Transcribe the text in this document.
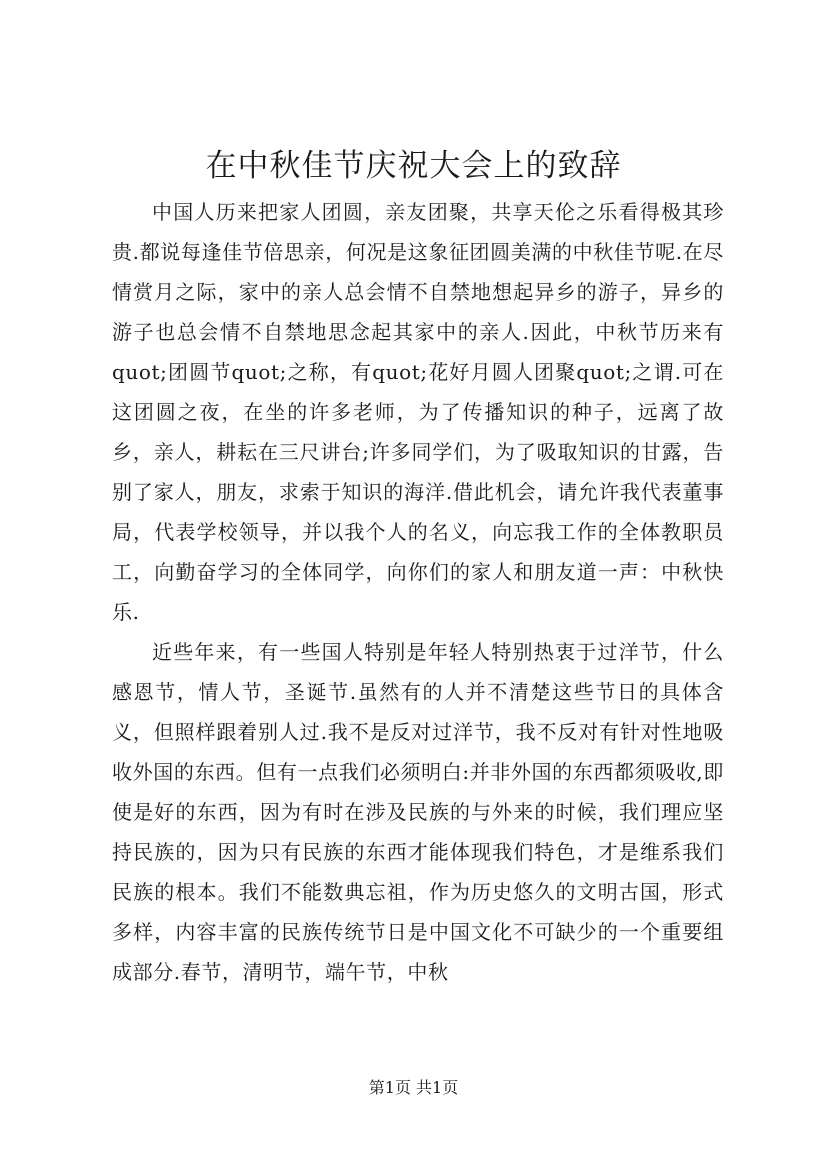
在中秋佳节庆祝大会上的致辞

中国人历来把家人团圆，亲友团聚，共享天伦之乐看得极其珍贵.都说每逢佳节倍思亲，何况是这象征团圆美满的中秋佳节呢.在尽情赏月之际，家中的亲人总会情不自禁地想起异乡的游子，异乡的游子也总会情不自禁地思念起其家中的亲人.因此，中秋节历来有quot;团圆节quot;之称，有quot;花好月圆人团聚quot;之谓.可在这团圆之夜，在坐的许多老师，为了传播知识的种子，远离了故乡，亲人，耕耘在三尺讲台;许多同学们，为了吸取知识的甘露，告别了家人，朋友，求索于知识的海洋.借此机会，请允许我代表董事局，代表学校领导，并以我个人的名义，向忘我工作的全体教职员工，向勤奋学习的全体同学，向你们的家人和朋友道一声：中秋快乐.

近些年来，有一些国人特别是年轻人特别热衷于过洋节，什么感恩节，情人节，圣诞节.虽然有的人并不清楚这些节日的具体含义，但照样跟着别人过.我不是反对过洋节，我不反对有针对性地吸收外国的东西。但有一点我们必须明白:并非外国的东西都须吸收,即使是好的东西，因为有时在涉及民族的与外来的时候，我们理应坚持民族的，因为只有民族的东西才能体现我们特色，才是维系我们民族的根本。我们不能数典忘祖，作为历史悠久的文明古国，形式多样，内容丰富的民族传统节日是中国文化不可缺少的一个重要组成部分.春节，清明节，端午节，中秋

第1页 共1页
